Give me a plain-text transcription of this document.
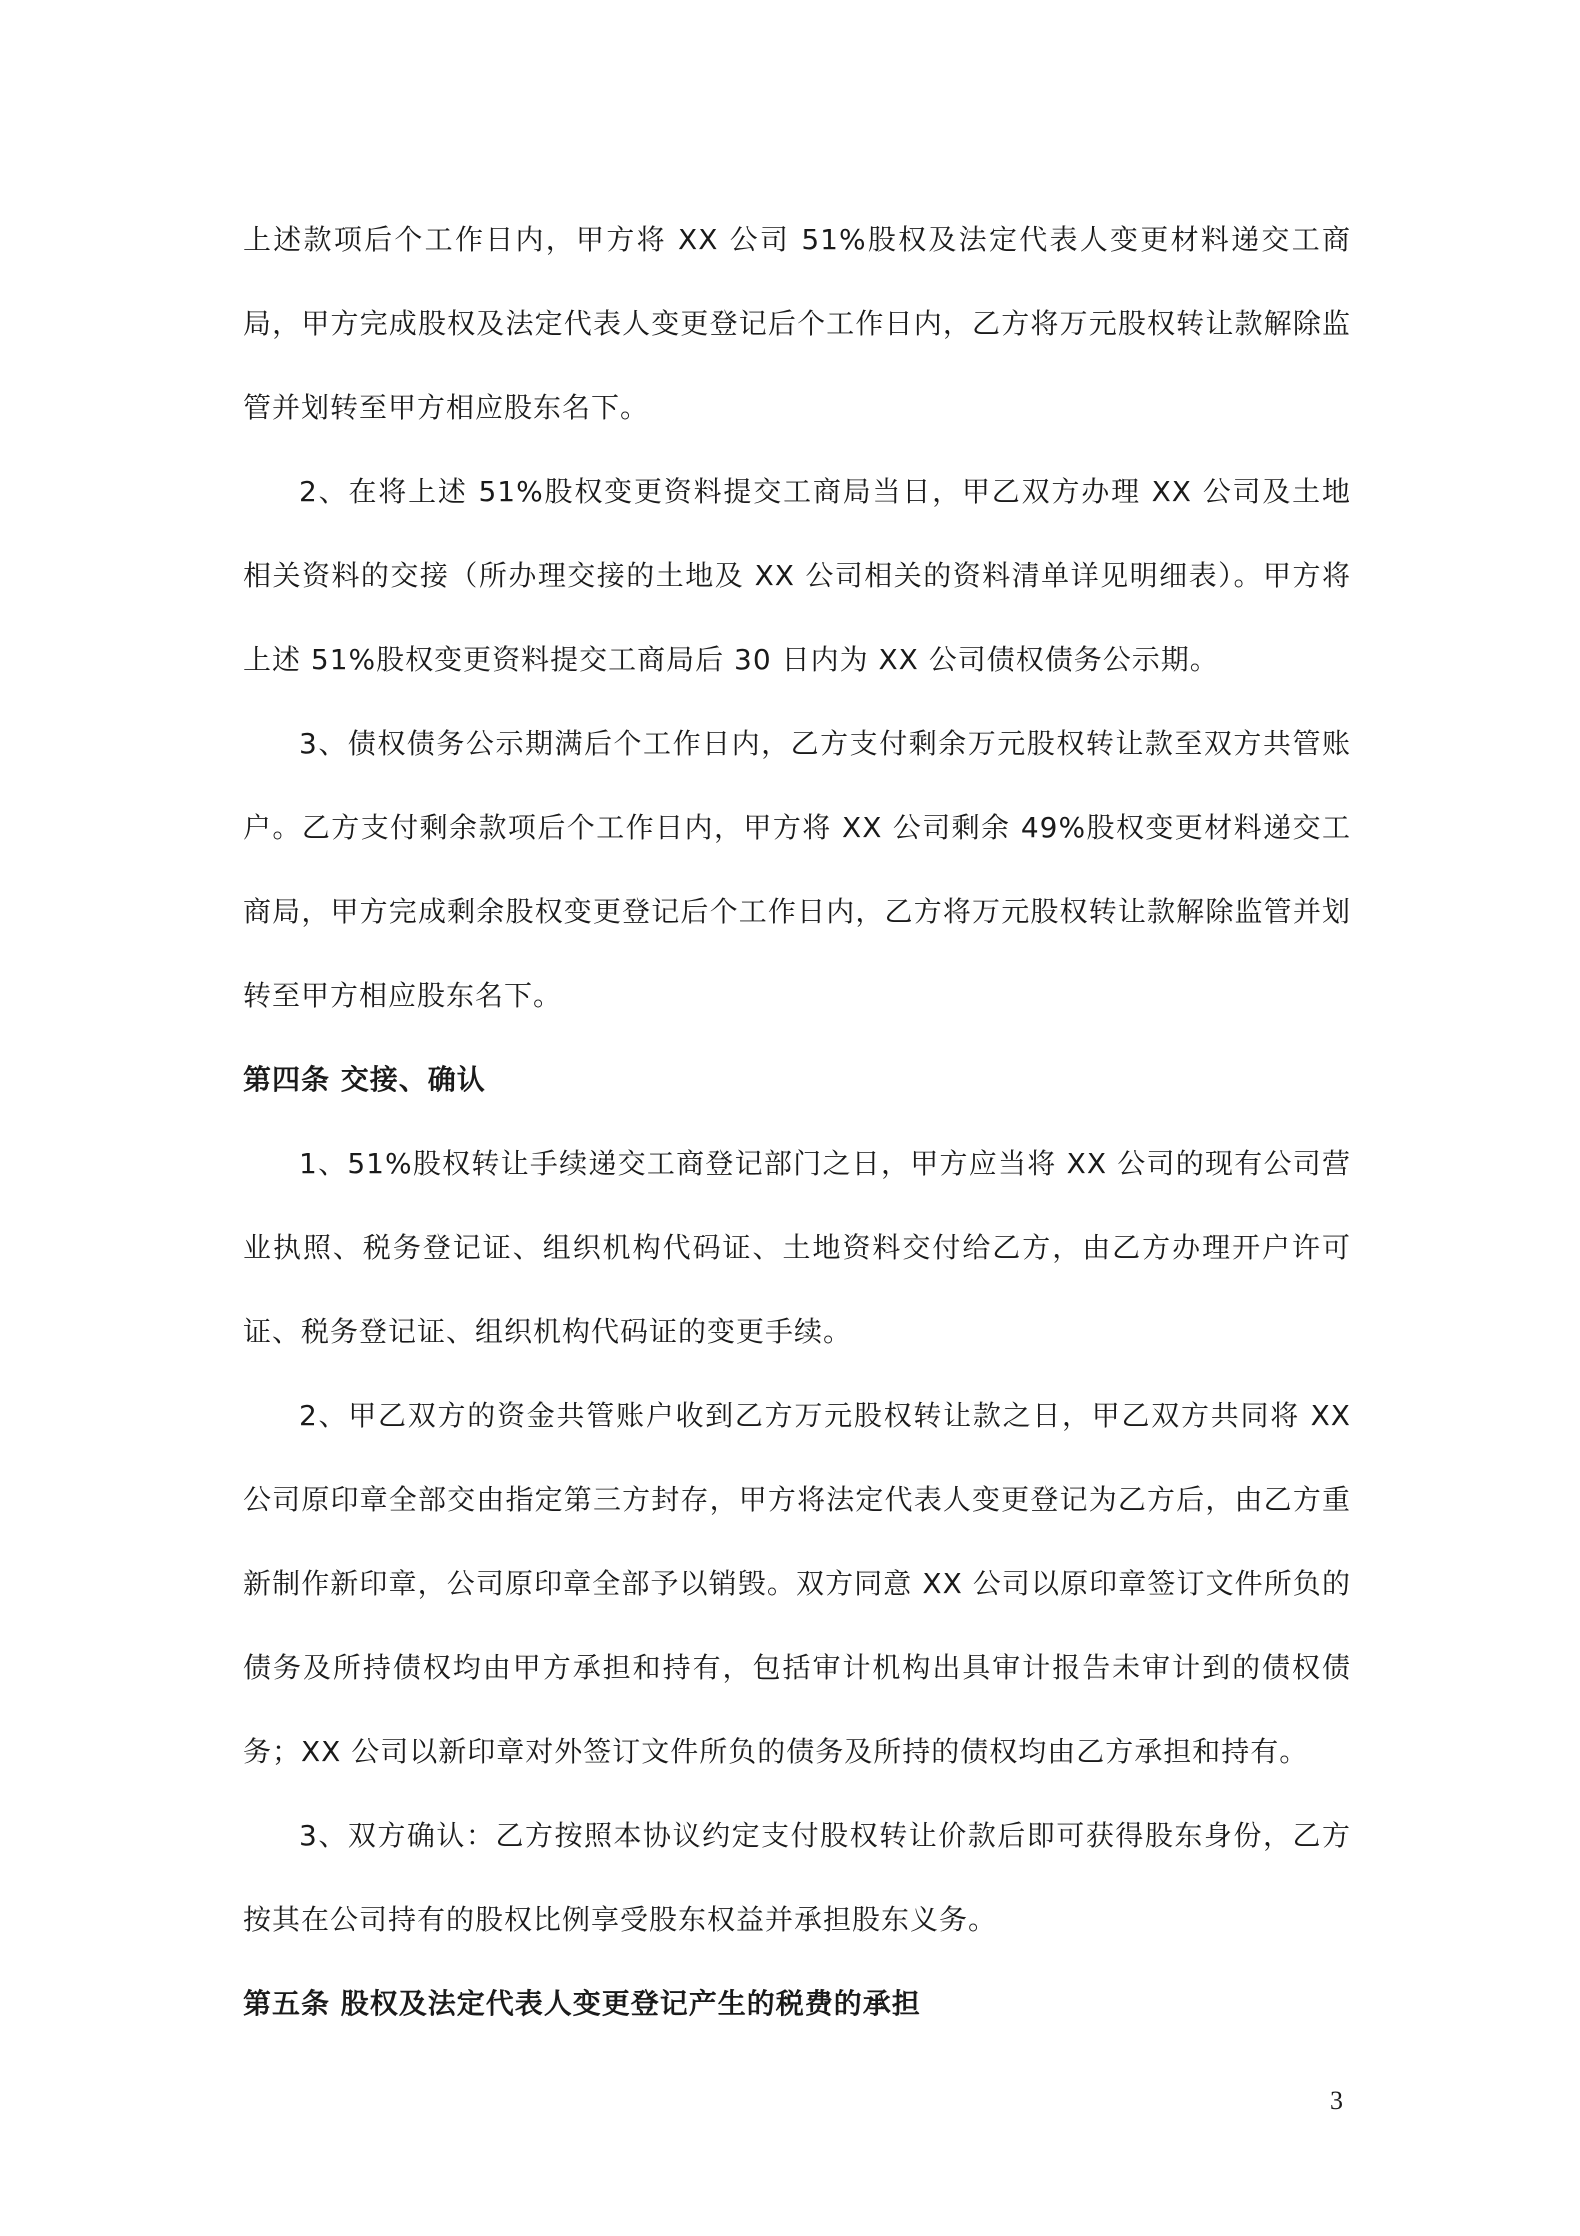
上述款项后个工作日内，甲方将 XX 公司 51%股权及法定代表人变更材料递交工商局，甲方完成股权及法定代表人变更登记后个工作日内，乙方将万元股权转让款解除监管并划转至甲方相应股东名下。

2、在将上述 51%股权变更资料提交工商局当日，甲乙双方办理 XX 公司及土地相关资料的交接（所办理交接的土地及 XX 公司相关的资料清单详见明细表）。甲方将上述 51%股权变更资料提交工商局后 30 日内为 XX 公司债权债务公示期。

3、债权债务公示期满后个工作日内，乙方支付剩余万元股权转让款至双方共管账户。乙方支付剩余款项后个工作日内，甲方将 XX 公司剩余 49%股权变更材料递交工商局，甲方完成剩余股权变更登记后个工作日内，乙方将万元股权转让款解除监管并划转至甲方相应股东名下。

第四条 交接、确认

1、51%股权转让手续递交工商登记部门之日，甲方应当将 XX 公司的现有公司营业执照、税务登记证、组织机构代码证、土地资料交付给乙方，由乙方办理开户许可证、税务登记证、组织机构代码证的变更手续。

2、甲乙双方的资金共管账户收到乙方万元股权转让款之日，甲乙双方共同将 XX 公司原印章全部交由指定第三方封存，甲方将法定代表人变更登记为乙方后，由乙方重新制作新印章，公司原印章全部予以销毁。双方同意 XX 公司以原印章签订文件所负的债务及所持债权均由甲方承担和持有，包括审计机构出具审计报告未审计到的债权债务；XX 公司以新印章对外签订文件所负的债务及所持的债权均由乙方承担和持有。

3、双方确认：乙方按照本协议约定支付股权转让价款后即可获得股东身份，乙方按其在公司持有的股权比例享受股东权益并承担股东义务。

第五条 股权及法定代表人变更登记产生的税费的承担

3
